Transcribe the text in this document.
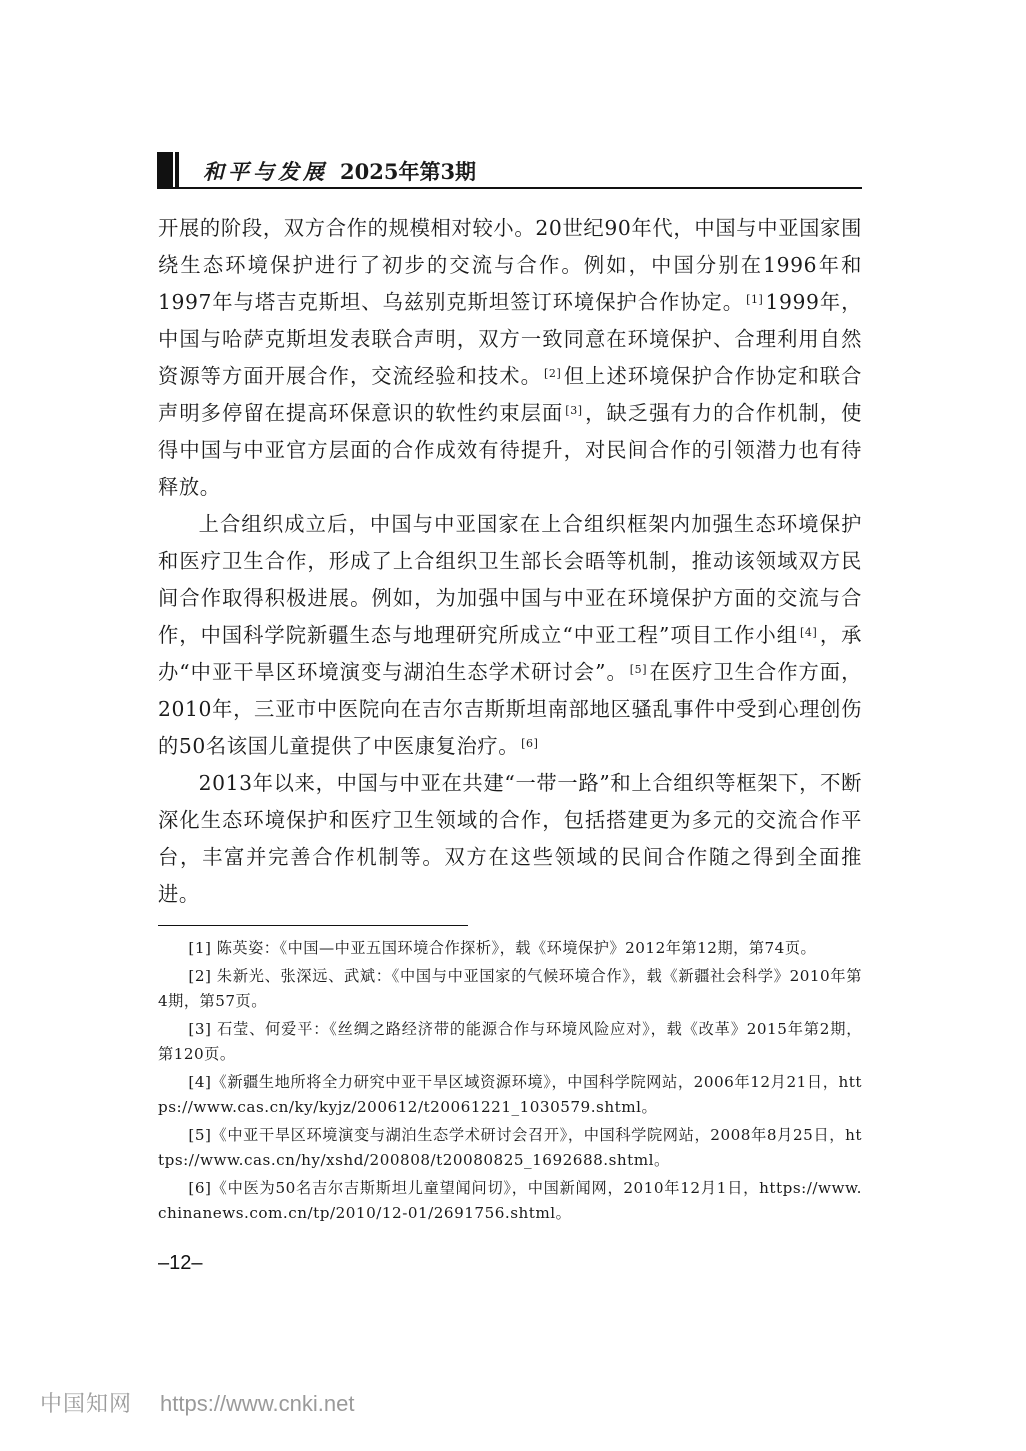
和平与发展 2025年第3期

开展的阶段，双方合作的规模相对较小。20世纪90年代，中国与中亚国家围绕生态环境保护进行了初步的交流与合作。例如，中国分别在1996年和1997年与塔吉克斯坦、乌兹别克斯坦签订环境保护合作协定。 [1]1999年，中国与哈萨克斯坦发表联合声明，双方一致同意在环境保护、合理利用自然资源等方面开展合作，交流经验和技术。 [2]但上述环境保护合作协定和联合声明多停留在提高环保意识的软性约束层面 [3]，缺乏强有力的合作机制，使得中国与中亚官方层面的合作成效有待提升，对民间合作的引领潜力也有待释放。

上合组织成立后，中国与中亚国家在上合组织框架内加强生态环境保护和医疗卫生合作，形成了上合组织卫生部长会晤等机制，推动该领域双方民间合作取得积极进展。例如，为加强中国与中亚在环境保护方面的交流与合作，中国科学院新疆生态与地理研究所成立“中亚工程”项目工作小组 [4]，承办“中亚干旱区环境演变与湖泊生态学术研讨会”。 [5]在医疗卫生合作方面，2010年，三亚市中医院向在吉尔吉斯斯坦南部地区骚乱事件中受到心理创伤的50名该国儿童提供了中医康复治疗。 [6]

2013年以来，中国与中亚在共建“一带一路”和上合组织等框架下，不断深化生态环境保护和医疗卫生领域的合作，包括搭建更为多元的交流合作平台，丰富并完善合作机制等。双方在这些领域的民间合作随之得到全面推进。

[1] 陈英姿：《中国—中亚五国环境合作探析》，载《环境保护》2012年第12期，第74页。

[2] 朱新光、张深远、武斌：《中国与中亚国家的气候环境合作》，载《新疆社会科学》2010年第4期，第57页。

[3] 石莹、何爱平：《丝绸之路经济带的能源合作与环境风险应对》，载《改革》2015年第2期，第120页。

[4]《新疆生地所将全力研究中亚干旱区域资源环境》，中国科学院网站，2006年12月21日，https://www.cas.cn/ky/kyjz/200612/t20061221_1030579.shtml。

[5]《中亚干旱区环境演变与湖泊生态学术研讨会召开》，中国科学院网站，2008年8月25日，https://www.cas.cn/hy/xshd/200808/t20080825_1692688.shtml。

[6]《中医为50名吉尔吉斯斯坦儿童望闻问切》，中国新闻网，2010年12月1日，https://www.chinanews.com.cn/tp/2010/12-01/2691756.shtml。

–12–
中国知网 https://www.cnki.net
